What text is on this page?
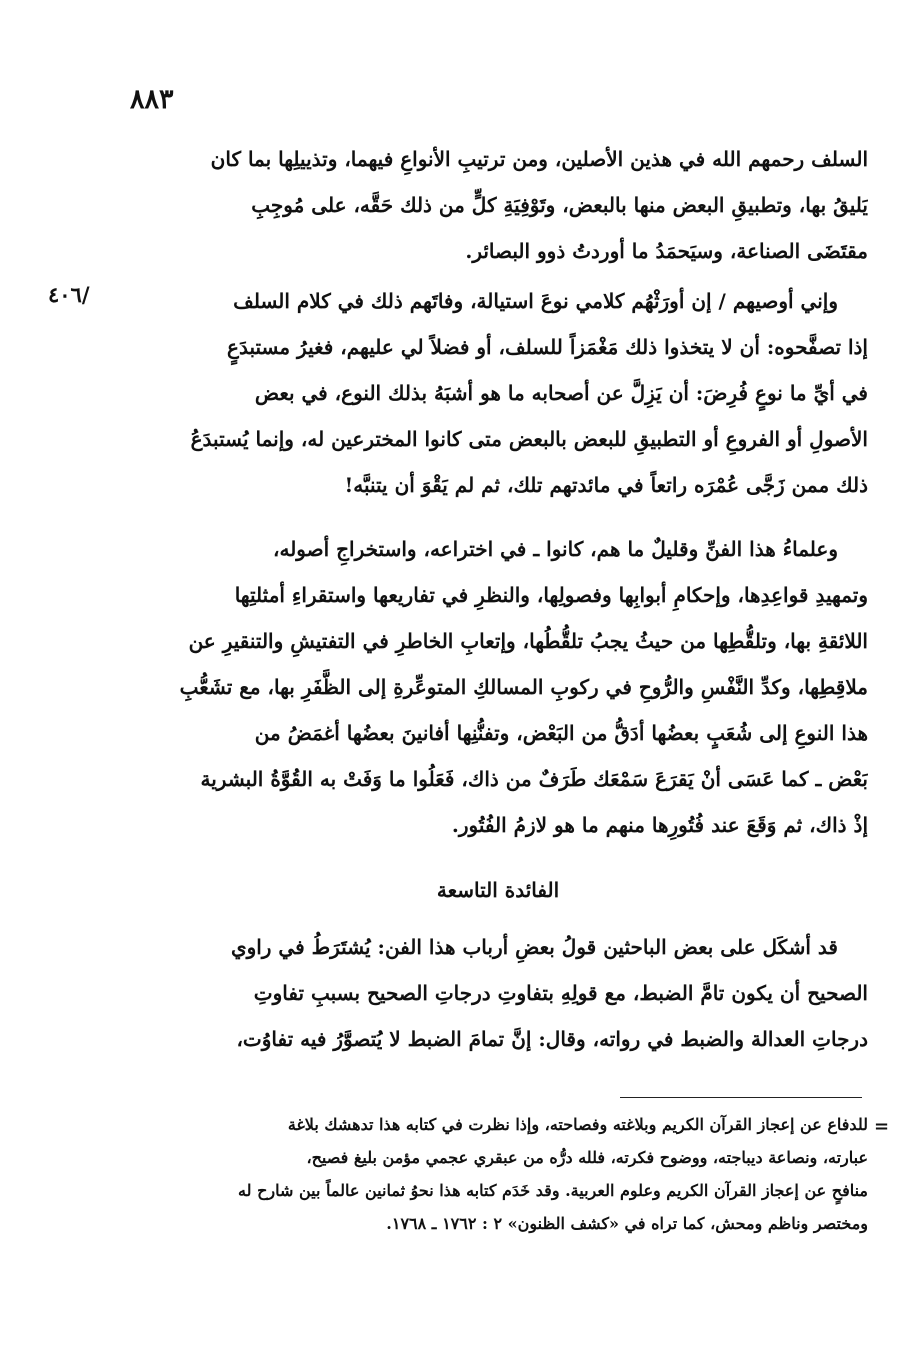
٨٨٣
/٤٠٦
السلف رحمهم الله في هذين الأصلين، ومن ترتيبِ الأنواعِ فيهما، وتذييلِها بما كان
يَليقُ بها، وتطبيقِ البعض منها بالبعض، وتَوْفِيَةِ كلٍّ من ذلك حَقَّه، على مُوجِبِ
مقتَضَى الصناعة، وسيَحمَدُ ما أوردتُ ذوو البصائر.
وإني أوصيهم / إن أورَثْهُم كلامي نوعَ استيالة، وفاتَهم ذلك في كلام السلف
إذا تصفَّحوه: أن لا يتخذوا ذلك مَغْمَزاً للسلف، أو فضلاً لي عليهم، فغيرُ مستبدَعٍ
في أيِّ ما نوعٍ فُرِضَ: أن يَزِلَّ عن أصحابه ما هو أشبَهُ بذلك النوع، في بعض
الأصولِ أو الفروعِ أو التطبيقِ للبعض بالبعض متى كانوا المخترعين له، وإنما يُستبدَعُ
ذلك ممن زَجَّى عُمْرَه راتعاً في مائدتهم تلك، ثم لم يَقْوَ أن يتنبَّه!
وعلماءُ هذا الفنِّ وقليلٌ ما هم، كانوا ـ في اختراعه، واستخراجِ أصوله،
وتمهيدِ قواعِدِها، وإحكامِ أبوابِها وفصولِها، والنظرِ في تفاريعها واستقراءِ أمثلتِها
اللائقةِ بها، وتلقُّطِها من حيثُ يجبُ تلقُّطُها، وإتعابِ الخاطرِ في التفتيشِ والتنقيرِ عن
ملاقِطِها، وكدِّ النَّفْسِ والرُّوحِ في ركوبِ المسالكِ المتوعِّرةِ إلى الظَّفَرِ بها، مع تشَعُّبِ
هذا النوعِ إلى شُعَبٍ بعضُها أدَقُّ من البَعْض، وتفنُّنِها أفانينَ بعضُها أغمَضُ من
بَعْض ـ كما عَسَى أنْ يَقرَعَ سَمْعَك طَرَفٌ من ذاك، فَعَلُوا ما وَفَتْ به القُوَّةُ البشرية
إذْ ذاك، ثم وَقَعَ عند فُتُورِها منهم ما هو لازمُ الفُتُور.
الفائدة التاسعة
قد أشكَل على بعض الباحثين قولُ بعضِ أرباب هذا الفن: يُشتَرَطُ في راوي
الصحيح أن يكون تامَّ الضبط، مع قولِهِ بتفاوتِ درجاتِ الصحيح بسببِ تفاوتِ
درجاتِ العدالة والضبط في رواته، وقال: إنَّ تمامَ الضبط لا يُتصوَّرُ فيه تفاوُت،
=
للدفاع عن إعجاز القرآن الكريم وبلاغته وفصاحته، وإذا نظرت في كتابه هذا تدهشك بلاغة
عبارته، ونصاعة ديباجته، ووضوح فكرته، فلله درُّه من عبقري عجمي مؤمن بليغ فصيح،
منافحٍ عن إعجاز القرآن الكريم وعلوم العربية. وقد خَدَم كتابه هذا نحوُ ثمانين عالماً بين شارح له
ومختصر وناظم ومحش، كما تراه في «كشف الظنون» ٢ : ١٧٦٢ ـ ١٧٦٨.
